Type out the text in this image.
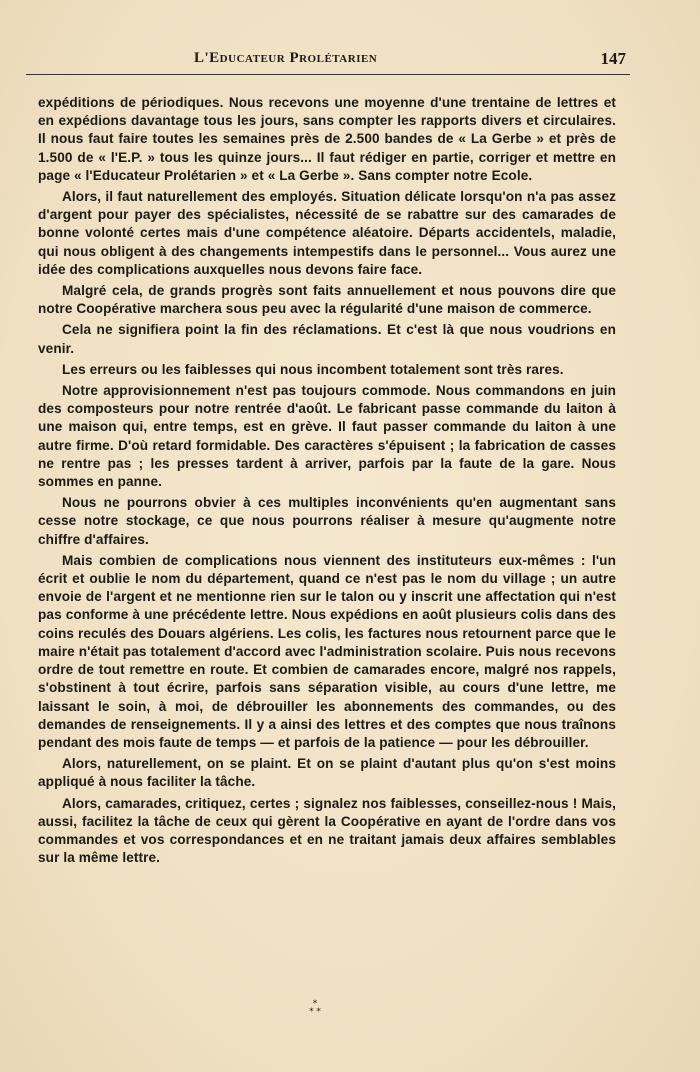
L'Educateur Prolétarien	147

expéditions de périodiques. Nous recevons une moyenne d'une trentaine de lettres et en expédions davantage tous les jours, sans compter les rapports divers et circulaires. Il nous faut faire toutes les semaines près de 2.500 bandes de « La Gerbe » et près de 1.500 de « l'E.P. » tous les quinze jours... Il faut rédiger en partie, corriger et mettre en page « l'Educateur Prolétarien » et « La Gerbe ». Sans compter notre Ecole.

Alors, il faut naturellement des employés. Situation délicate lorsqu'on n'a pas assez d'argent pour payer des spécialistes, nécessité de se rabattre sur des camarades de bonne volonté certes mais d'une compétence aléatoire. Départs accidentels, maladie, qui nous obligent à des changements intempestifs dans le personnel... Vous aurez une idée des complications auxquelles nous devons faire face.

Malgré cela, de grands progrès sont faits annuellement et nous pouvons dire que notre Coopérative marchera sous peu avec la régularité d'une maison de commerce.

Cela ne signifiera point la fin des réclamations. Et c'est là que nous voudrions en venir.

Les erreurs ou les faiblesses qui nous incombent totalement sont très rares.

Notre approvisionnement n'est pas toujours commode. Nous commandons en juin des composteurs pour notre rentrée d'août. Le fabricant passe commande du laiton à une maison qui, entre temps, est en grève. Il faut passer commande du laiton à une autre firme. D'où retard formidable. Des caractères s'épuisent ; la fabrication de casses ne rentre pas ; les presses tardent à arriver, parfois par la faute de la gare. Nous sommes en panne.

Nous ne pourrons obvier à ces multiples inconvénients qu'en augmentant sans cesse notre stockage, ce que nous pourrons réaliser à mesure qu'augmente notre chiffre d'affaires.

Mais combien de complications nous viennent des instituteurs eux-mêmes : l'un écrit et oublie le nom du département, quand ce n'est pas le nom du village ; un autre envoie de l'argent et ne mentionne rien sur le talon ou y inscrit une affectation qui n'est pas conforme à une précédente lettre. Nous expédions en août plusieurs colis dans des coins reculés des Douars algériens. Les colis, les factures nous retournent parce que le maire n'était pas totalement d'accord avec l'administration scolaire. Puis nous recevons ordre de tout remettre en route. Et combien de camarades encore, malgré nos rappels, s'obstinent à tout écrire, parfois sans séparation visible, au cours d'une lettre, me laissant le soin, à moi, de débrouiller les abonnements des commandes, ou des demandes de renseignements. Il y a ainsi des lettres et des comptes que nous traînons pendant des mois faute de temps — et parfois de la patience — pour les débrouiller.

Alors, naturellement, on se plaint. Et on se plaint d'autant plus qu'on s'est moins appliqué à nous faciliter la tâche.

Alors, camarades, critiquez, certes ; signalez nos faiblesses, conseillez-nous ! Mais, aussi, facilitez la tâche de ceux qui gèrent la Coopérative en ayant de l'ordre dans vos commandes et vos correspondances et en ne traitant jamais deux affaires semblables sur la même lettre.

*
* *
